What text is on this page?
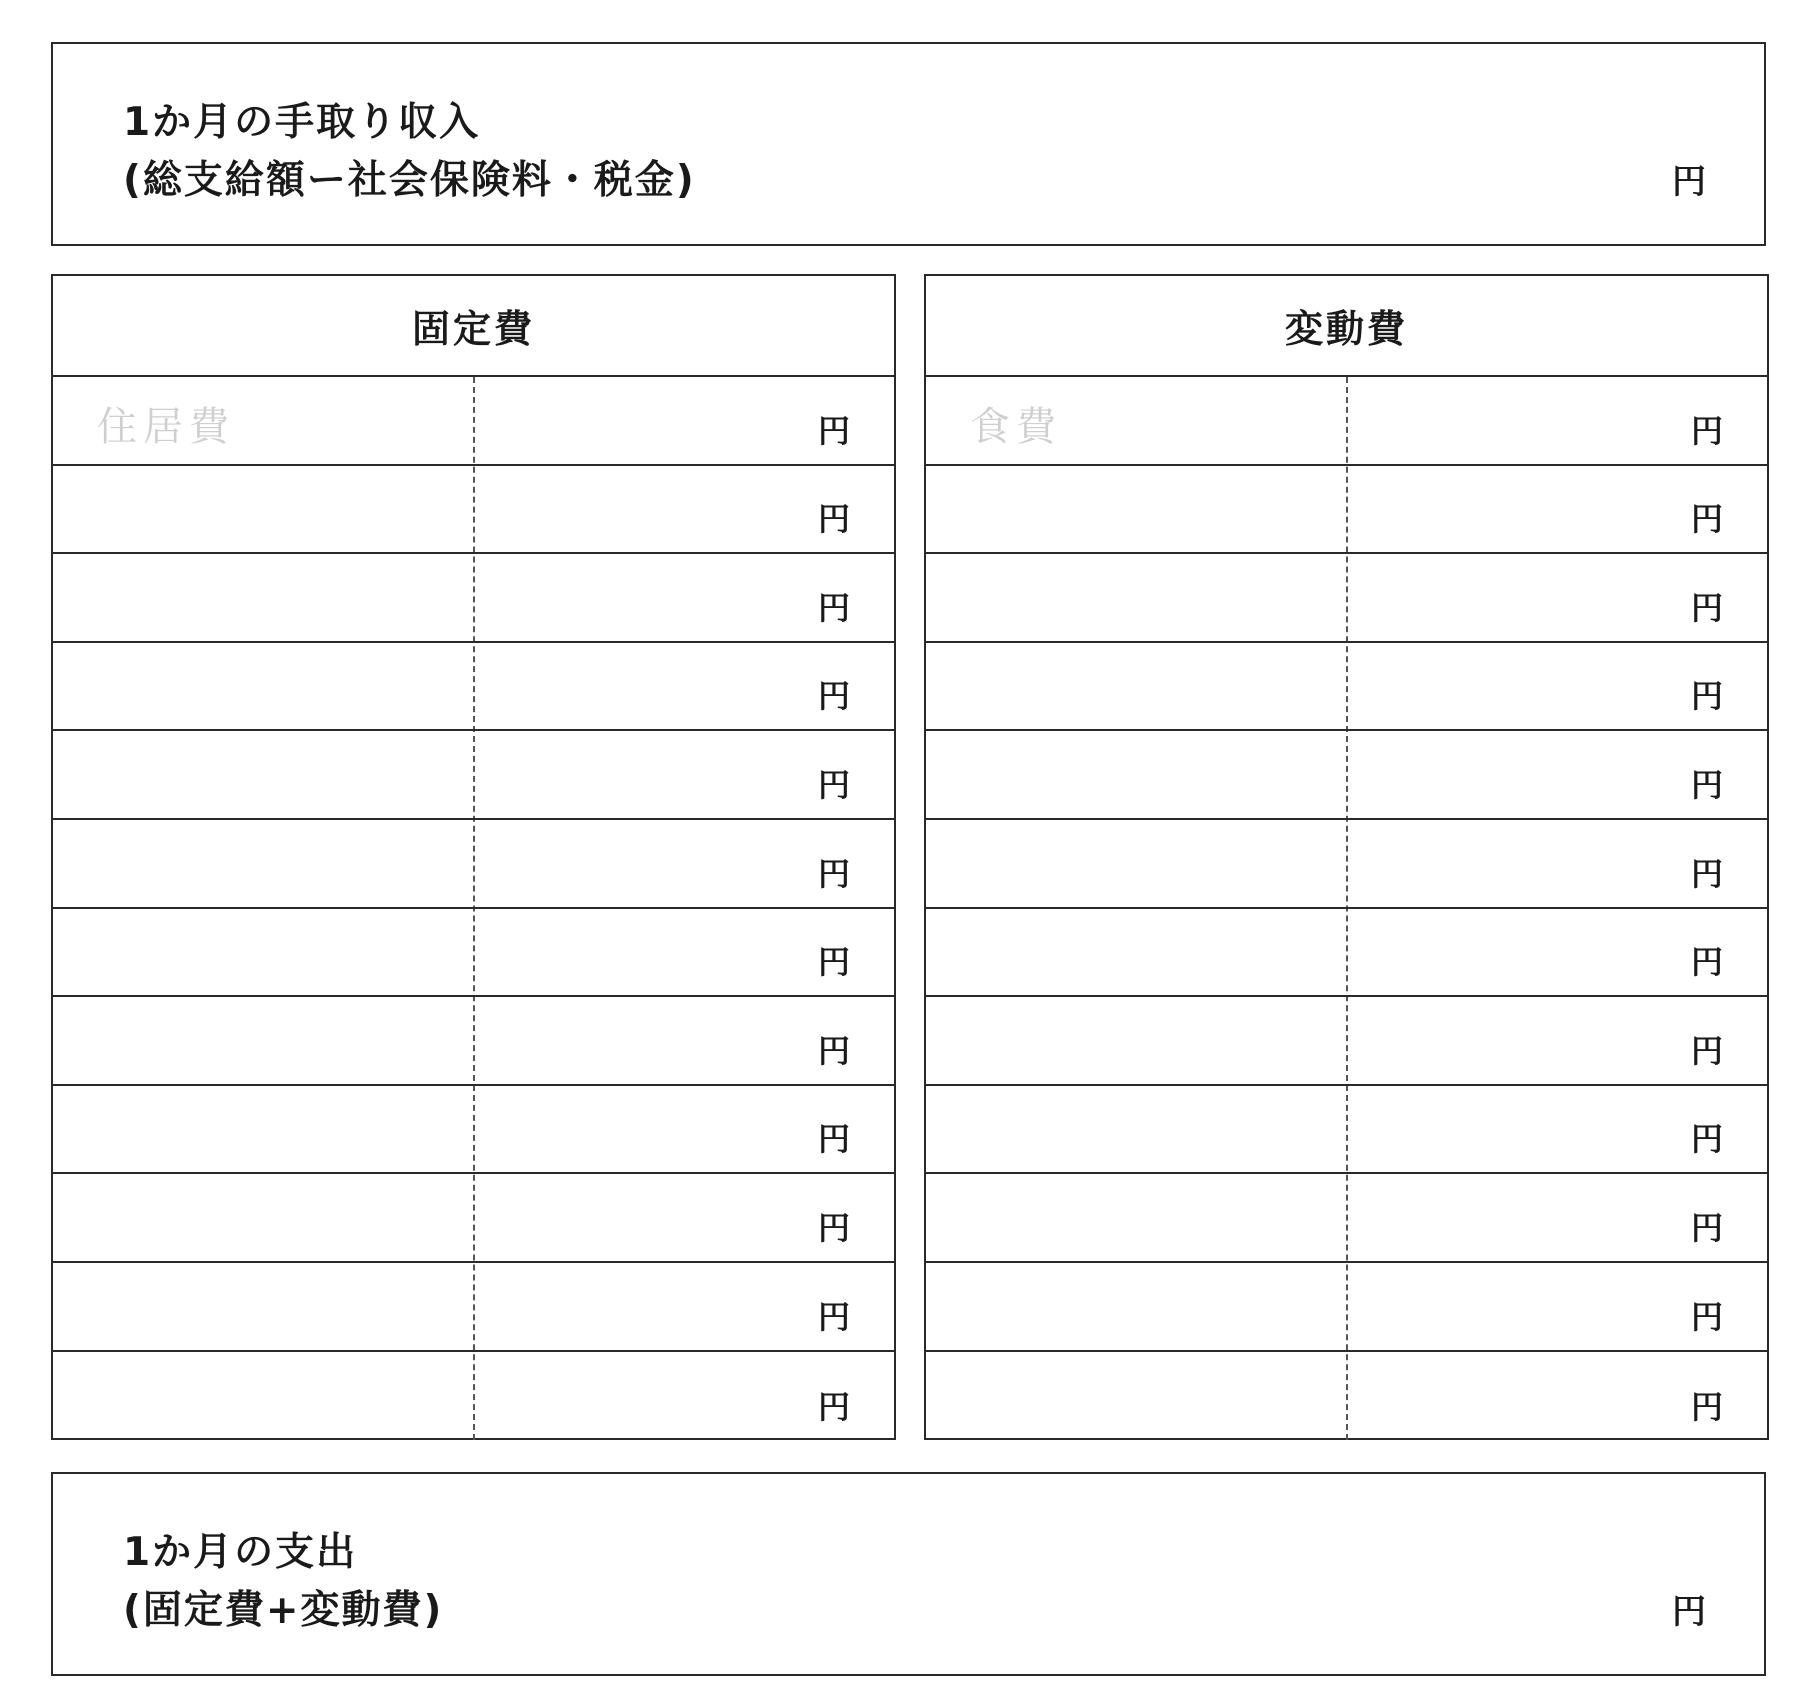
1か月の手取り収入
(総支給額ー社会保険料・税金)	円
固定費
住居費	円
円
円
円
円
円
円
円
円
円
円
円
変動費
食費	円
円
円
円
円
円
円
円
円
円
円
円
1か月の支出
(固定費+変動費)	円
